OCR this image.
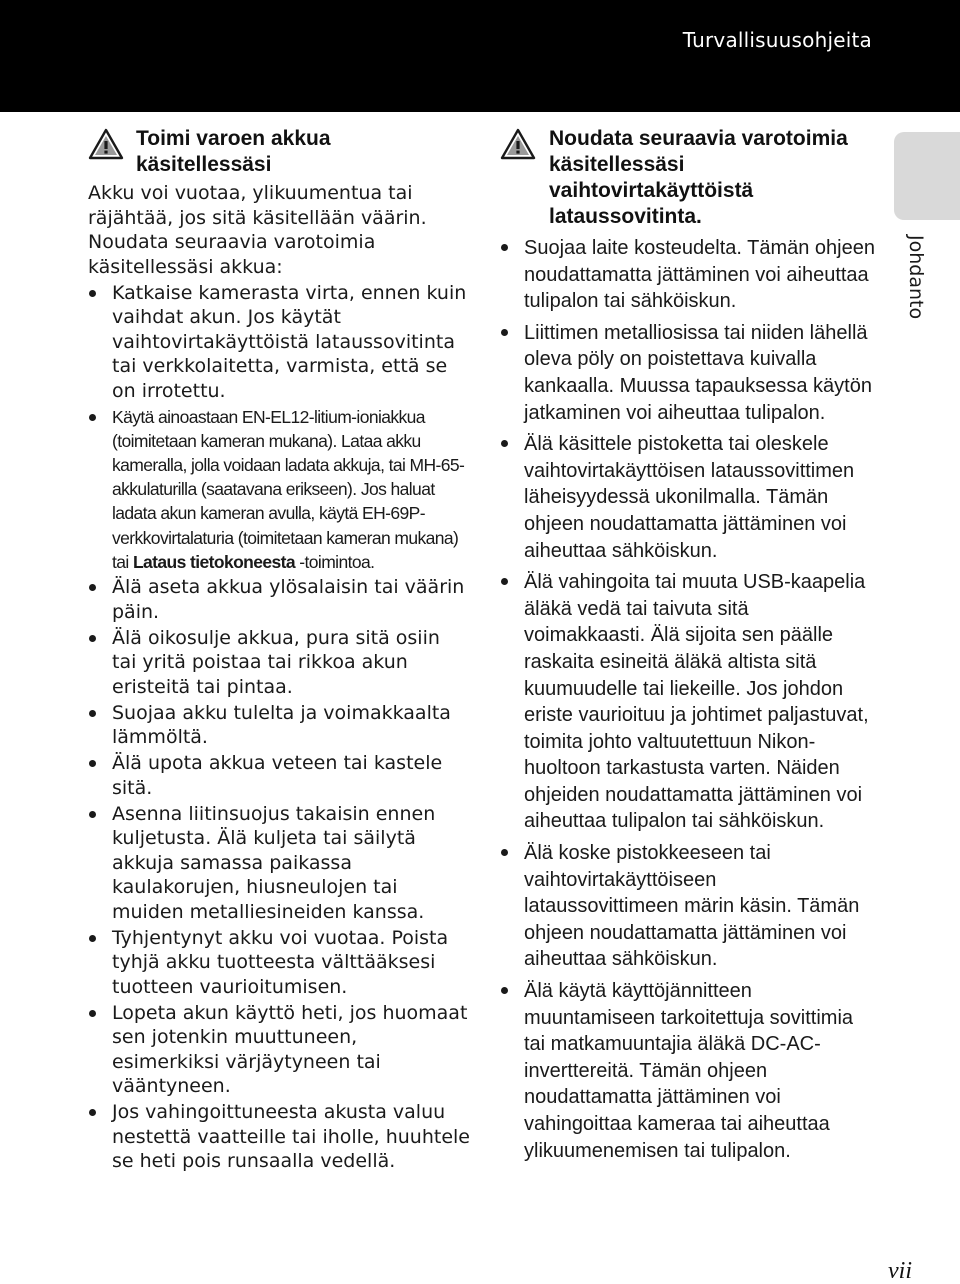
Turvallisuusohjeita
Johdanto
Toimi varoen akkua käsitellessäsi

Akku voi vuotaa, ylikuumentua tai räjähtää, jos sitä käsitellään väärin. Noudata seuraavia varotoimia käsitellessäsi akkua:

Katkaise kamerasta virta, ennen kuin vaihdat akun. Jos käytät vaihtovirtakäyttöistä lataussovitinta tai verkkolaitetta, varmista, että se on irrotettu.
Käytä ainoastaan EN-EL12-litium-ioniakkua (toimitetaan kameran mukana). Lataa akku kameralla, jolla voidaan ladata akkuja, tai MH-65-akkulaturilla (saatavana erikseen). Jos haluat ladata akun kameran avulla, käytä EH-69P-verkkovirtalaturia (toimitetaan kameran mukana) tai Lataus tietokoneesta -toimintoa.
Älä aseta akkua ylösalaisin tai väärin päin.
Älä oikosulje akkua, pura sitä osiin tai yritä poistaa tai rikkoa akun eristeitä tai pintaa.
Suojaa akku tulelta ja voimakkaalta lämmöltä.
Älä upota akkua veteen tai kastele sitä.
Asenna liitinsuojus takaisin ennen kuljetusta. Älä kuljeta tai säilytä akkuja samassa paikassa kaulakorujen, hiusneulojen tai muiden metalliesineiden kanssa.
Tyhjentynyt akku voi vuotaa. Poista tyhjä akku tuotteesta välttääksesi tuotteen vaurioitumisen.
Lopeta akun käyttö heti, jos huomaat sen jotenkin muuttuneen, esimerkiksi värjäytyneen tai vääntyneen.
Jos vahingoittuneesta akusta valuu nestettä vaatteille tai iholle, huuhtele se heti pois runsaalla vedellä.
Noudata seuraavia varotoimia käsitellessäsi vaihtovirtakäyttöistä lataussovitinta.
Suojaa laite kosteudelta. Tämän ohjeen noudattamatta jättäminen voi aiheuttaa tulipalon tai sähköiskun.
Liittimen metalliosissa tai niiden lähellä oleva pöly on poistettava kuivalla kankaalla. Muussa tapauksessa käytön jatkaminen voi aiheuttaa tulipalon.
Älä käsittele pistoketta tai oleskele vaihtovirtakäyttöisen lataussovittimen läheisyydessä ukonilmalla. Tämän ohjeen noudattamatta jättäminen voi aiheuttaa sähköiskun.
Älä vahingoita tai muuta USB-kaapelia äläkä vedä tai taivuta sitä voimakkaasti. Älä sijoita sen päälle raskaita esineitä äläkä altista sitä kuumuudelle tai liekeille. Jos johdon eriste vaurioituu ja johtimet paljastuvat, toimita johto valtuutettuun Nikon-huoltoon tarkastusta varten. Näiden ohjeiden noudattamatta jättäminen voi aiheuttaa tulipalon tai sähköiskun.
Älä koske pistokkeeseen tai vaihtovirtakäyttöiseen lataussovittimeen märin käsin. Tämän ohjeen noudattamatta jättäminen voi aiheuttaa sähköiskun.
Älä käytä käyttöjännitteen muuntamiseen tarkoitettuja sovittimia tai matkamuuntajia äläkä DC-AC-inverttereitä. Tämän ohjeen noudattamatta jättäminen voi vahingoittaa kameraa tai aiheuttaa ylikuumenemisen tai tulipalon.
vii
